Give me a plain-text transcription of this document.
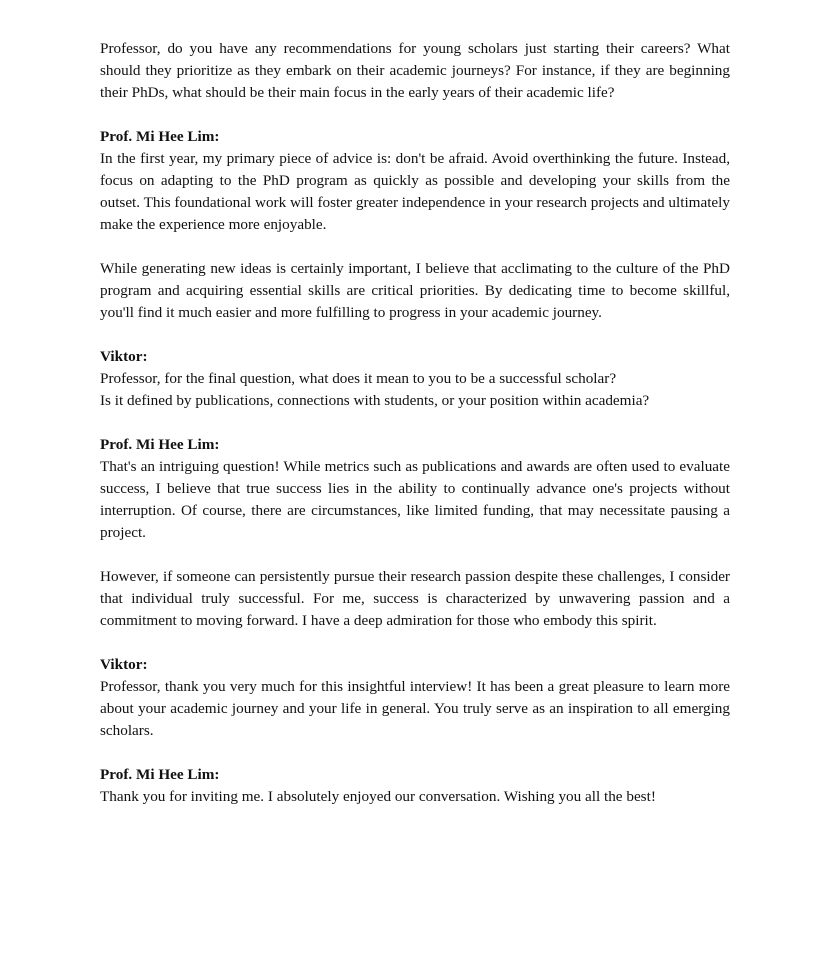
Professor, do you have any recommendations for young scholars just starting their careers? What should they prioritize as they embark on their academic journeys? For instance, if they are beginning their PhDs, what should be their main focus in the early years of their academic life?

Prof. Mi Hee Lim:

In the first year, my primary piece of advice is: don't be afraid. Avoid overthinking the future. Instead, focus on adapting to the PhD program as quickly as possible and developing your skills from the outset. This foundational work will foster greater independence in your research projects and ultimately make the experience more enjoyable.

While generating new ideas is certainly important, I believe that acclimating to the culture of the PhD program and acquiring essential skills are critical priorities. By dedicating time to become skillful, you'll find it much easier and more fulfilling to progress in your academic journey.

Viktor:

Professor, for the final question, what does it mean to you to be a successful scholar?
Is it defined by publications, connections with students, or your position within academia?

Prof. Mi Hee Lim:

That's an intriguing question! While metrics such as publications and awards are often used to evaluate success, I believe that true success lies in the ability to continually advance one's projects without interruption. Of course, there are circumstances, like limited funding, that may necessitate pausing a project.

However, if someone can persistently pursue their research passion despite these challenges, I consider that individual truly successful. For me, success is characterized by unwavering passion and a commitment to moving forward. I have a deep admiration for those who embody this spirit.

Viktor:

Professor, thank you very much for this insightful interview! It has been a great pleasure to learn more about your academic journey and your life in general. You truly serve as an inspiration to all emerging scholars.

Prof. Mi Hee Lim:

Thank you for inviting me. I absolutely enjoyed our conversation. Wishing you all the best!
